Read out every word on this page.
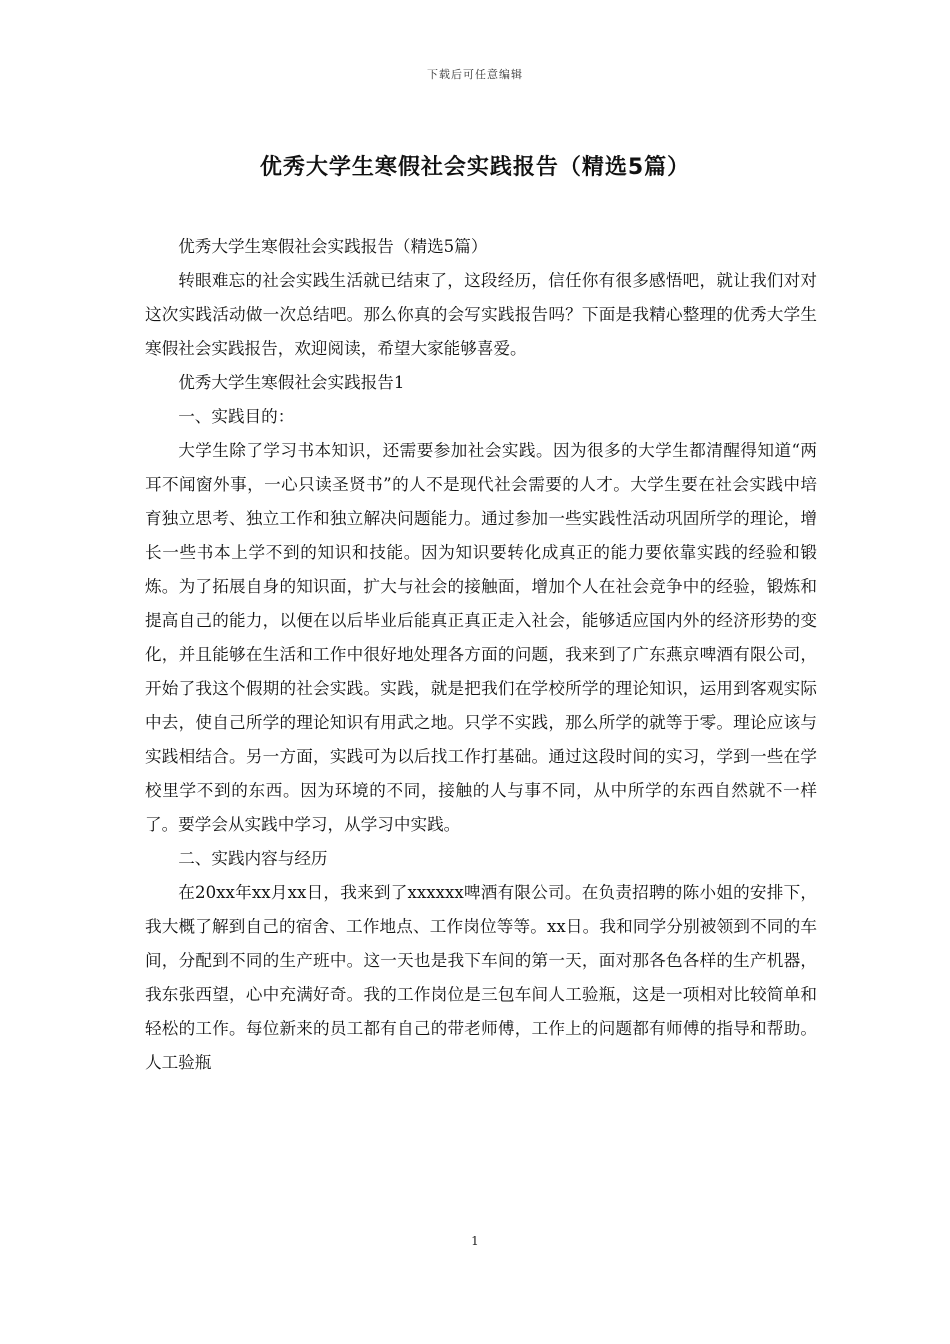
下载后可任意编辑
优秀大学生寒假社会实践报告（精选5篇）

优秀大学生寒假社会实践报告（精选5篇）

转眼难忘的社会实践生活就已结束了，这段经历，信任你有很多感悟吧，就让我们对对这次实践活动做一次总结吧。那么你真的会写实践报告吗？下面是我精心整理的优秀大学生寒假社会实践报告，欢迎阅读，希望大家能够喜爱。

优秀大学生寒假社会实践报告1

一、实践目的：

大学生除了学习书本知识，还需要参加社会实践。因为很多的大学生都清醒得知道“两耳不闻窗外事，一心只读圣贤书”的人不是现代社会需要的人才。大学生要在社会实践中培育独立思考、独立工作和独立解决问题能力。通过参加一些实践性活动巩固所学的理论，增长一些书本上学不到的知识和技能。因为知识要转化成真正的能力要依靠实践的经验和锻炼。为了拓展自身的知识面，扩大与社会的接触面，增加个人在社会竞争中的经验，锻炼和提高自己的能力，以便在以后毕业后能真正真正走入社会，能够适应国内外的经济形势的变化，并且能够在生活和工作中很好地处理各方面的问题，我来到了广东燕京啤酒有限公司，开始了我这个假期的社会实践。实践，就是把我们在学校所学的理论知识，运用到客观实际中去，使自己所学的理论知识有用武之地。只学不实践，那么所学的就等于零。理论应该与实践相结合。另一方面，实践可为以后找工作打基础。通过这段时间的实习，学到一些在学校里学不到的东西。因为环境的不同，接触的人与事不同，从中所学的东西自然就不一样了。要学会从实践中学习，从学习中实践。

二、实践内容与经历

在20xx年xx月xx日，我来到了xxxxxx啤酒有限公司。在负责招聘的陈小姐的安排下，我大概了解到自己的宿舍、工作地点、工作岗位等等。xx日。我和同学分别被领到不同的车间，分配到不同的生产班中。这一天也是我下车间的第一天，面对那各色各样的生产机器，我东张西望，心中充满好奇。我的工作岗位是三包车间人工验瓶，这是一项相对比较简单和轻松的工作。每位新来的员工都有自己的带老师傅，工作上的问题都有师傅的指导和帮助。人工验瓶

1
